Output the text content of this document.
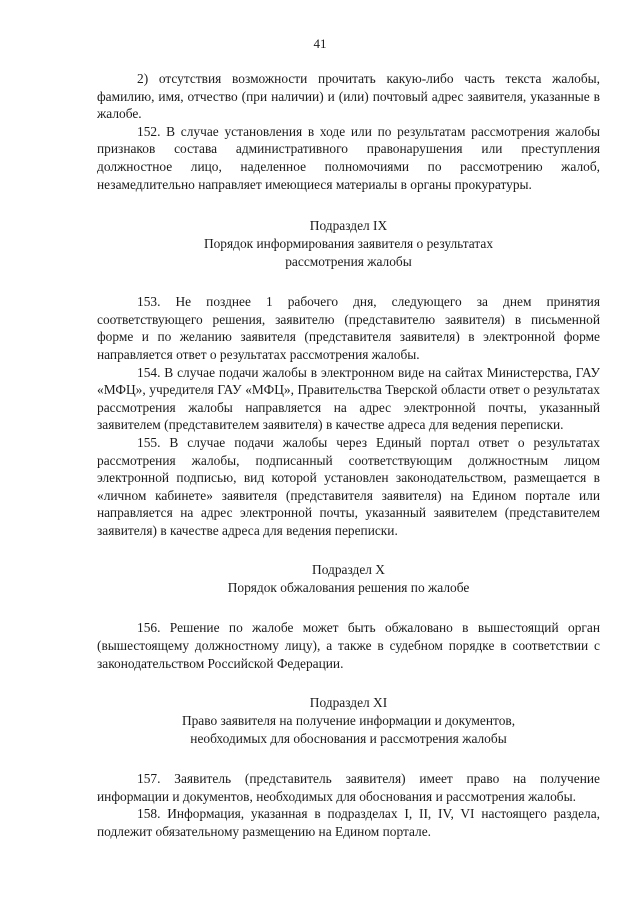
41

2) отсутствия возможности прочитать какую-либо часть текста жалобы, фамилию, имя, отчество (при наличии) и (или) почтовый адрес заявителя, указанные в жалобе.

152. В случае установления в ходе или по результатам рассмотрения жалобы признаков состава административного правонарушения или преступления должностное лицо, наделенное полномочиями по рассмотрению жалоб, незамедлительно направляет имеющиеся материалы в органы прокуратуры.

Подраздел IX

Порядок информирования заявителя о результатах

рассмотрения жалобы

153. Не позднее 1 рабочего дня, следующего за днем принятия соответствующего решения, заявителю (представителю заявителя) в письменной форме и по желанию заявителя (представителя заявителя) в электронной форме направляется ответ о результатах рассмотрения жалобы.

154. В случае подачи жалобы в электронном виде на сайтах Министерства, ГАУ «МФЦ», учредителя ГАУ «МФЦ», Правительства Тверской области ответ о результатах рассмотрения жалобы направляется на адрес электронной почты, указанный заявителем (представителем заявителя) в качестве адреса для ведения переписки.

155. В случае подачи жалобы через Единый портал ответ о результатах рассмотрения жалобы, подписанный соответствующим должностным лицом электронной подписью, вид которой установлен законодательством, размещается в «личном кабинете» заявителя (представителя заявителя) на Едином портале или направляется на адрес электронной почты, указанный заявителем (представителем заявителя) в качестве адреса для ведения переписки.

Подраздел X

Порядок обжалования решения по жалобе

156. Решение по жалобе может быть обжаловано в вышестоящий орган (вышестоящему должностному лицу), а также в судебном порядке в соответствии с законодательством Российской Федерации.

Подраздел XI

Право заявителя на получение информации и документов,

необходимых для обоснования и рассмотрения жалобы

157. Заявитель (представитель заявителя) имеет право на получение информации и документов, необходимых для обоснования и рассмотрения жалобы.

158. Информация, указанная в подразделах I, II, IV, VI настоящего раздела, подлежит обязательному размещению на Едином портале.
